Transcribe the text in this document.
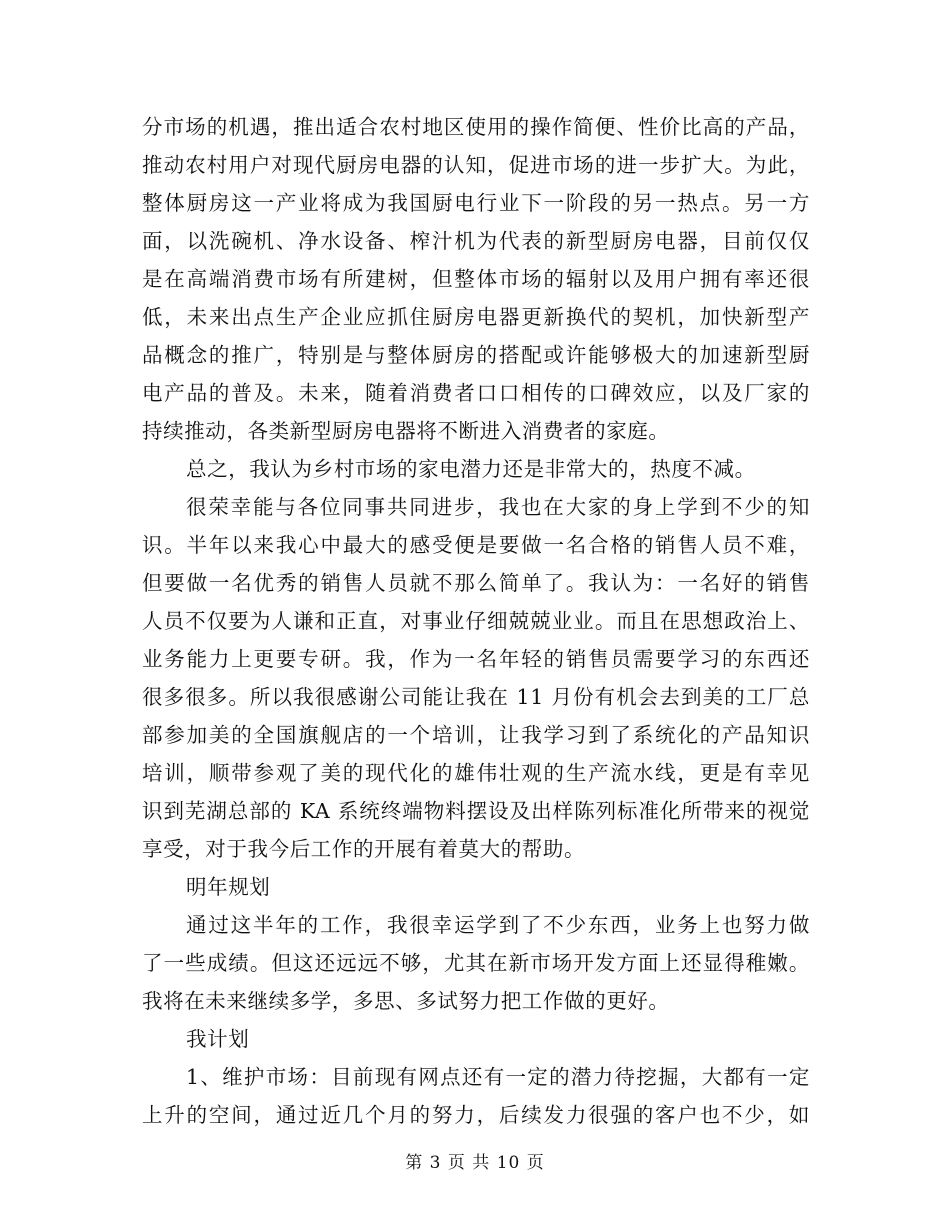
分市场的机遇，推出适合农村地区使用的操作简便、性价比高的产品，
推动农村用户对现代厨房电器的认知，促进市场的进一步扩大。为此，
整体厨房这一产业将成为我国厨电行业下一阶段的另一热点。另一方
面，以洗碗机、净水设备、榨汁机为代表的新型厨房电器，目前仅仅
是在高端消费市场有所建树，但整体市场的辐射以及用户拥有率还很
低，未来出点生产企业应抓住厨房电器更新换代的契机，加快新型产
品概念的推广，特别是与整体厨房的搭配或许能够极大的加速新型厨
电产品的普及。未来，随着消费者口口相传的口碑效应，以及厂家的
持续推动，各类新型厨房电器将不断进入消费者的家庭。
总之，我认为乡村市场的家电潜力还是非常大的，热度不减。
很荣幸能与各位同事共同进步，我也在大家的身上学到不少的知
识。半年以来我心中最大的感受便是要做一名合格的销售人员不难，
但要做一名优秀的销售人员就不那么简单了。我认为：一名好的销售
人员不仅要为人谦和正直，对事业仔细兢兢业业。而且在思想政治上、
业务能力上更要专研。我，作为一名年轻的销售员需要学习的东西还
很多很多。所以我很感谢公司能让我在 11 月份有机会去到美的工厂总
部参加美的全国旗舰店的一个培训，让我学习到了系统化的产品知识
培训，顺带参观了美的现代化的雄伟壮观的生产流水线，更是有幸见
识到芜湖总部的 KA 系统终端物料摆设及出样陈列标准化所带来的视觉
享受，对于我今后工作的开展有着莫大的帮助。
明年规划
通过这半年的工作，我很幸运学到了不少东西，业务上也努力做
了一些成绩。但这还远远不够，尤其在新市场开发方面上还显得稚嫩。
我将在未来继续多学，多思、多试努力把工作做的更好。
我计划
1、维护市场：目前现有网点还有一定的潜力待挖掘，大都有一定
上升的空间，通过近几个月的努力，后续发力很强的客户也不少，如
第 3 页 共 10 页
